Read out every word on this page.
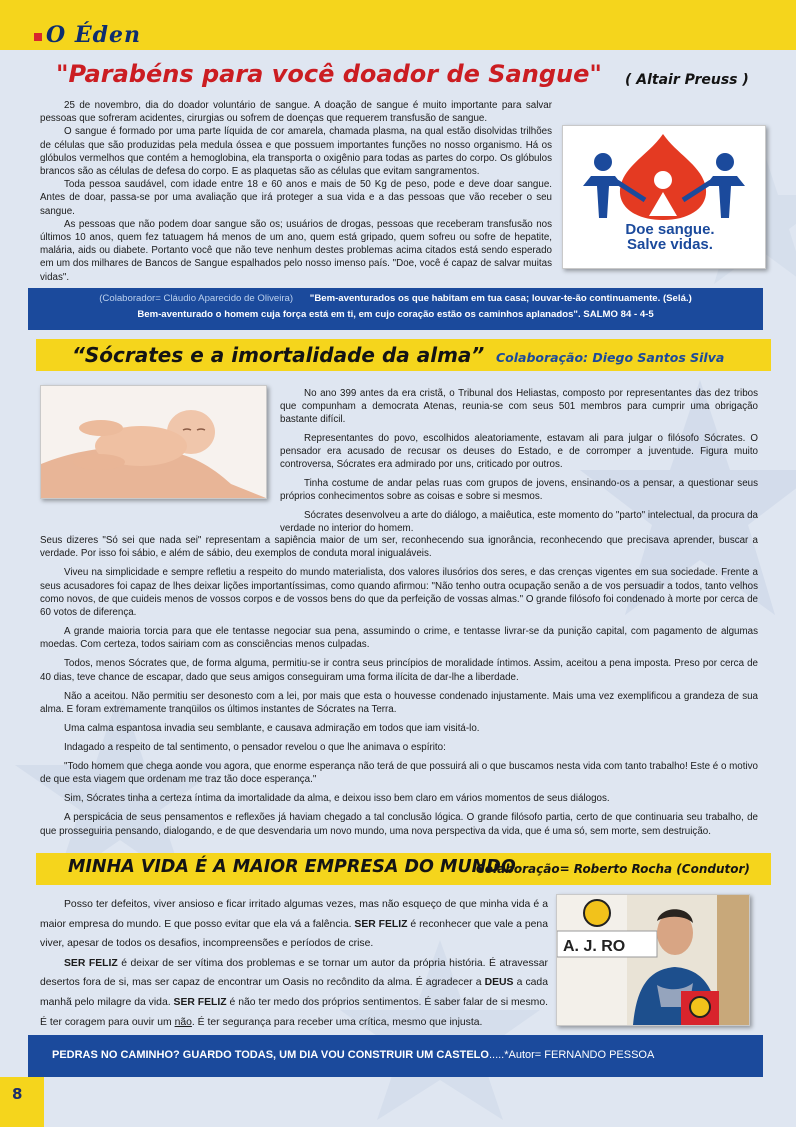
O Éden
"Parabéns para você doador de Sangue" ( Altair Preuss )

25 de novembro, dia do doador voluntário de sangue. A doação de sangue é muito importante para salvar pessoas que sofreram acidentes, cirurgias ou sofrem de doenças que requerem transfusão de sangue.

O sangue é formado por uma parte líquida de cor amarela, chamada plasma, na qual estão disolvidas trilhões de células que são produzidas pela medula óssea e que possuem importantes funções no nosso organismo. Há os glóbulos vermelhos que contém a hemoglobina, ela transporta o oxigênio para todas as partes do corpo. Os glóbulos brancos são as células de defesa do corpo. E as plaquetas são as células que evitam sangramentos.

Toda pessoa saudável, com idade entre 18 e 60 anos e mais de 50 Kg de peso, pode e deve doar sangue. Antes de doar, passa-se por uma avaliação que irá proteger a sua vida e a das pessoas que vão receber o seu sangue.

As pessoas que não podem doar sangue são os; usuários de drogas, pessoas que receberam transfusão nos últimos 10 anos, quem fez tatuagem há menos de um ano, quem está gripado, quem sofreu ou sofre de hepatite, malária, aids ou diabete. Portanto você que não teve nenhum destes problemas acima citados está sendo esperado em um dos milhares de Bancos de Sangue espalhados pelo nosso imenso país. "Doe, você é capaz de salvar muitas vidas".

Doe sangue.
Salve vidas.
(Colaborador= Cláudio Aparecido de Oliveira) "Bem-aventurados os que habitam em tua casa; louvar-te-ão continuamente. (Selá.)
Bem-aventurado o homem cuja força está em ti, em cujo coração estão os caminhos aplanados". SALMO 84 - 4-5
“Sócrates e a imortalidade da alma” Colaboração: Diego Santos Silva

No ano 399 antes da era cristã, o Tribunal dos Heliastas, composto por representantes das dez tribos que compunham a democrata Atenas, reunia-se com seus 501 membros para cumprir uma obrigação bastante difícil.

Representantes do povo, escolhidos aleatoriamente, estavam ali para julgar o filósofo Sócrates. O pensador era acusado de recusar os deuses do Estado, e de corromper a juventude. Figura muito controversa, Sócrates era admirado por uns, criticado por outros.

Tinha costume de andar pelas ruas com grupos de jovens, ensinando-os a pensar, a questionar seus próprios conhecimentos sobre as coisas e sobre si mesmos.

Sócrates desenvolveu a arte do diálogo, a maiêutica, este momento do "parto" intelectual, da procura da verdade no interior do homem.

Seus dizeres "Só sei que nada sei" representam a sapiência maior de um ser, reconhecendo sua ignorância, reconhecendo que precisava aprender, buscar a verdade. Por isso foi sábio, e além de sábio, deu exemplos de conduta moral inigualáveis.

Viveu na simplicidade e sempre refletiu a respeito do mundo materialista, dos valores ilusórios dos seres, e das crenças vigentes em sua sociedade. Frente a seus acusadores foi capaz de lhes deixar lições importantíssimas, como quando afirmou: "Não tenho outra ocupação senão a de vos persuadir a todos, tanto velhos como novos, de que cuideis menos de vossos corpos e de vossos bens do que da perfeição de vossas almas." O grande filósofo foi condenado à morte por cerca de 60 votos de diferença.

A grande maioria torcia para que ele tentasse negociar sua pena, assumindo o crime, e tentasse livrar-se da punição capital, com pagamento de algumas moedas. Com certeza, todos sairiam com as consciências menos culpadas.

Todos, menos Sócrates que, de forma alguma, permitiu-se ir contra seus princípios de moralidade íntimos. Assim, aceitou a pena imposta. Preso por cerca de 40 dias, teve chance de escapar, dado que seus amigos conseguiram uma forma ilícita de dar-lhe a liberdade.

Não a aceitou. Não permitiu ser desonesto com a lei, por mais que esta o houvesse condenado injustamente. Mais uma vez exemplificou a grandeza de sua alma. E foram extremamente tranqüilos os últimos instantes de Sócrates na Terra.

Uma calma espantosa invadia seu semblante, e causava admiração em todos que iam visitá-lo.

Indagado a respeito de tal sentimento, o pensador revelou o que lhe animava o espírito:

"Todo homem que chega aonde vou agora, que enorme esperança não terá de que possuirá ali o que buscamos nesta vida com tanto trabalho! Este é o motivo de que esta viagem que ordenam me traz tão doce esperança."

Sim, Sócrates tinha a certeza íntima da imortalidade da alma, e deixou isso bem claro em vários momentos de seus diálogos.

A perspicácia de seus pensamentos e reflexões já haviam chegado a tal conclusão lógica. O grande filósofo partia, certo de que continuaria seu trabalho, de que prosseguiria pensando, dialogando, e de que desvendaria um novo mundo, uma nova perspectiva da vida, que é uma só, sem morte, sem destruição.

MINHA VIDA É A MAIOR EMPRESA DO MUNDO
Colaboração= Roberto Rocha (Condutor)

Posso ter defeitos, viver ansioso e ficar irritado algumas vezes, mas não esqueço de que minha vida é a maior empresa do mundo. E que posso evitar que ela vá a falência. SER FELIZ é reconhecer que vale a pena viver, apesar de todos os desafios, incompreensões e períodos de crise.

SER FELIZ é deixar de ser vítima dos problemas e se tornar um autor da própria história. É atravessar desertos fora de si, mas ser capaz de encontrar um Oasis no recôndito da alma. É agradecer a DEUS a cada manhã pelo milagre da vida. SER FELIZ é não ter medo dos próprios sentimentos. É saber falar de si mesmo. É ter coragem para ouvir um não. É ter segurança para receber uma crítica, mesmo que injusta.

A. J. RO
PEDRAS NO CAMINHO? GUARDO TODAS, UM DIA VOU CONSTRUIR UM CASTELO.....*Autor= FERNANDO PESSOA
8
